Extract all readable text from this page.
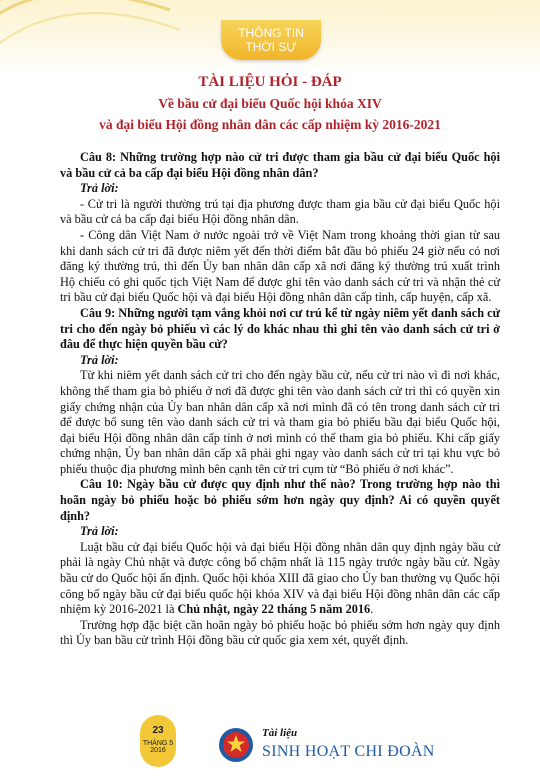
THÔNG TIN
THỜI SỰ
TÀI LIỆU HỎI - ĐÁP
Về bầu cử đại biểu Quốc hội khóa XIV
và đại biểu Hội đồng nhân dân các cấp nhiệm kỳ 2016-2021

Câu 8: Những trường hợp nào cử tri được tham gia bầu cử đại biểu Quốc hội và bầu cử cả ba cấp đại biểu Hội đồng nhân dân?

Trả lời:

- Cử tri là người thường trú tại địa phương được tham gia bầu cử đại biểu Quốc hội và bầu cử cả ba cấp đại biểu Hội đồng nhân dân.

- Công dân Việt Nam ở nước ngoài trở về Việt Nam trong khoảng thời gian từ sau khi danh sách cử tri đã được niêm yết đến thời điểm bắt đầu bỏ phiếu 24 giờ nếu có nơi đăng ký thường trú, thì đến Ủy ban nhân dân cấp xã nơi đăng ký thường trú xuất trình Hộ chiếu có ghi quốc tịch Việt Nam để được ghi tên vào danh sách cử tri và nhận thẻ cử tri bầu cử đại biểu Quốc hội và đại biểu Hội đồng nhân dân cấp tỉnh, cấp huyện, cấp xã.

Câu 9: Những người tạm vắng khỏi nơi cư trú kể từ ngày niêm yết danh sách cử tri cho đến ngày bỏ phiếu vì các lý do khác nhau thì ghi tên vào danh sách cử tri ở đâu để thực hiện quyền bầu cử?

Trả lời:

Từ khi niêm yết danh sách cử tri cho đến ngày bầu cử, nếu cử tri nào vì đi nơi khác, không thể tham gia bỏ phiếu ở nơi đã được ghi tên vào danh sách cử tri thì có quyền xin giấy chứng nhận của Ủy ban nhân dân cấp xã nơi mình đã có tên trong danh sách cử tri để được bổ sung tên vào danh sách cử tri và tham gia bỏ phiếu bầu đại biểu Quốc hội, đại biểu Hội đồng nhân dân cấp tỉnh ở nơi mình có thể tham gia bỏ phiếu. Khi cấp giấy chứng nhận, Ủy ban nhân dân cấp xã phải ghi ngay vào danh sách cử tri tại khu vực bỏ phiếu thuộc địa phương mình bên cạnh tên cử tri cụm từ “Bỏ phiếu ở nơi khác”.

Câu 10: Ngày bầu cử được quy định như thế nào? Trong trường hợp nào thì hoãn ngày bỏ phiếu hoặc bỏ phiếu sớm hơn ngày quy định? Ai có quyền quyết định?

Trả lời:

Luật bầu cử đại biểu Quốc hội và đại biểu Hội đồng nhân dân quy định ngày bầu cử phải là ngày Chủ nhật và được công bố chậm nhất là 115 ngày trước ngày bầu cử. Ngày bầu cử do Quốc hội ấn định. Quốc hội khóa XIII đã giao cho Ủy ban thường vụ Quốc hội công bố ngày bầu cử đại biểu quốc hội khóa XIV và đại biểu Hội đồng nhân dân các cấp nhiệm kỳ 2016-2021 là Chủ nhật, ngày 22 tháng 5 năm 2016.

Trường hợp đặc biệt cần hoãn ngày bỏ phiếu hoặc bỏ phiếu sớm hơn ngày quy định thì Ủy ban bầu cử trình Hội đồng bầu cử quốc gia xem xét, quyết định.

23
THÁNG 5
2016
Tài liệu
SINH HOẠT CHI ĐOÀN
